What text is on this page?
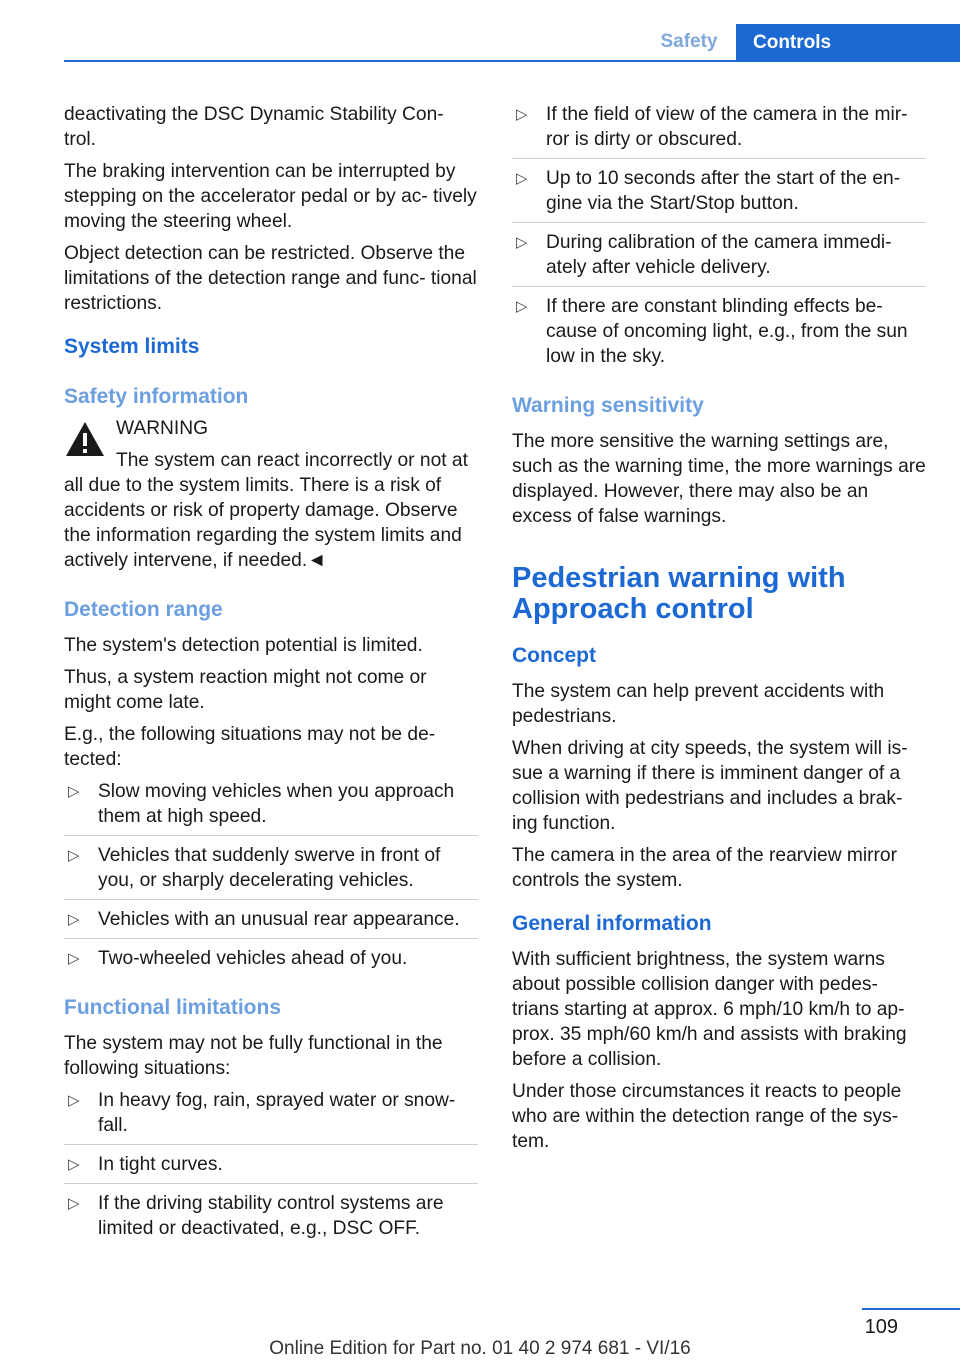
Safety	Controls

deactivating the DSC Dynamic Stability Con‐ trol.

The braking intervention can be interrupted by stepping on the accelerator pedal or by ac‐ tively moving the steering wheel.

Object detection can be restricted. Observe the limitations of the detection range and func‐ tional restrictions.

System limits
Safety information
WARNING

The system can react incorrectly or not at all due to the system limits. There is a risk of accidents or risk of property damage. Observe the information regarding the system limits and actively intervene, if needed.◄

Detection range

The system's detection potential is limited.

Thus, a system reaction might not come or might come late.

E.g., the following situations may not be de‐ tected:

▷ Slow moving vehicles when you approach them at high speed.
▷ Vehicles that suddenly swerve in front of you, or sharply decelerating vehicles.
▷ Vehicles with an unusual rear appearance.
▷ Two-wheeled vehicles ahead of you.
Functional limitations

The system may not be fully functional in the following situations:

▷ In heavy fog, rain, sprayed water or snow‐ fall.
▷ In tight curves.
▷ If the driving stability control systems are limited or deactivated, e.g., DSC OFF.
▷ If the field of view of the camera in the mir‐ ror is dirty or obscured.
▷ Up to 10 seconds after the start of the en‐ gine via the Start/Stop button.
▷ During calibration of the camera immedi‐ ately after vehicle delivery.
▷ If there are constant blinding effects be‐ cause of oncoming light, e.g., from the sun low in the sky.
Warning sensitivity

The more sensitive the warning settings are, such as the warning time, the more warnings are displayed. However, there may also be an excess of false warnings.

Pedestrian warning with Approach control
Concept

The system can help prevent accidents with pedestrians.

When driving at city speeds, the system will is‐ sue a warning if there is imminent danger of a collision with pedestrians and includes a brak‐ ing function.

The camera in the area of the rearview mirror controls the system.

General information

With sufficient brightness, the system warns about possible collision danger with pedes‐ trians starting at approx. 6 mph/10 km/h to ap‐ prox. 35 mph/60 km/h and assists with braking before a collision.

Under those circumstances it reacts to people who are within the detection range of the sys‐ tem.

109
Online Edition for Part no. 01 40 2 974 681 - VI/16
